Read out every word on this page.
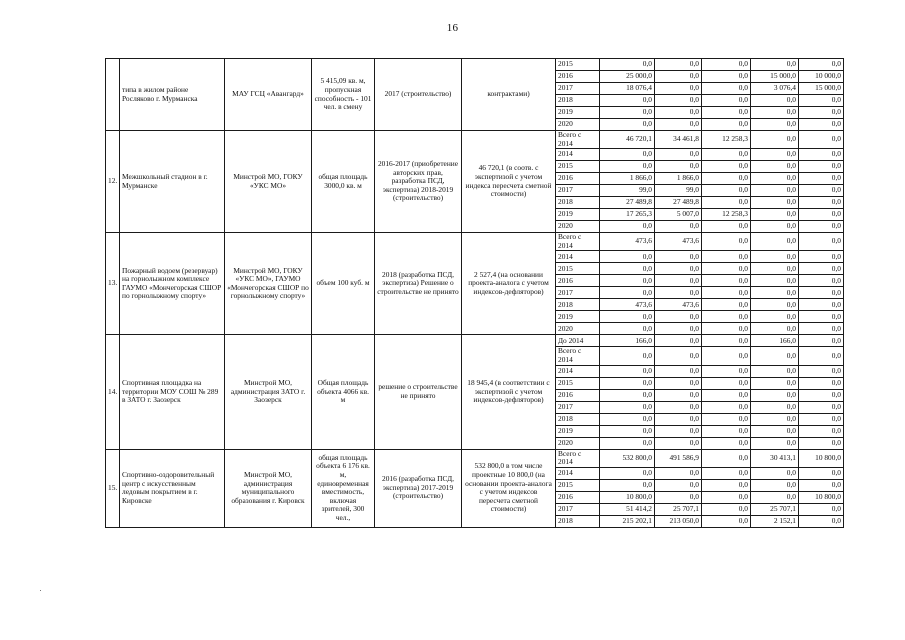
16
	типа в жилом районе Росляково г. Мурманска	МАУ ГСЦ «Авангард»	5 415,09 кв. м, пропускная способность - 101 чел. в смену	2017 (строительство)	контрактами)	2015	0,0	0,0	0,0	0,0	0,0
						2016	25 000,0	0,0	0,0	15 000,0	10 000,0
						2017	18 076,4	0,0	0,0	3 076,4	15 000,0
						2018	0,0	0,0	0,0	0,0	0,0
						2019	0,0	0,0	0,0	0,0	0,0
						2020	0,0	0,0	0,0	0,0	0,0
12.	Межшкольный стадион в г. Мурманске	Минстрой МО, ГОКУ «УКС МО»	общая площадь 3000,0 кв. м	2016-2017 (приобретение авторских прав, разработка ПСД, экспертиза) 2018-2019 (строительство)	46 720,1 (в соотв. с экспертизой с учетом индекса пересчета сметной стоимости)	Всего с 2014	46 720,1	34 461,8	12 258,3	0,0	0,0
						2014	0,0	0,0	0,0	0,0	0,0
						2015	0,0	0,0	0,0	0,0	0,0
						2016	1 866,0	1 866,0	0,0	0,0	0,0
						2017	99,0	99,0	0,0	0,0	0,0
						2018	27 489,8	27 489,8	0,0	0,0	0,0
						2019	17 265,3	5 007,0	12 258,3	0,0	0,0
						2020	0,0	0,0	0,0	0,0	0,0
13.	Пожарный водоем (резервуар) на горнолыжном комплексе ГАУМО «Мончегорская СШОР по горнолыжному спорту»	Минстрой МО, ГОКУ «УКС МО», ГАУМО «Мончегорская СШОР по горнолыжному спорту»	объем 100 куб. м	2018 (разработка ПСД, экспертиза) Решение о строительстве не принято	2 527,4 (на основании проекта-аналога с учетом индексов-дефляторов)	Всего с 2014	473,6	473,6	0,0	0,0	0,0
						2014	0,0	0,0	0,0	0,0	0,0
						2015	0,0	0,0	0,0	0,0	0,0
						2016	0,0	0,0	0,0	0,0	0,0
						2017	0,0	0,0	0,0	0,0	0,0
						2018	473,6	473,6	0,0	0,0	0,0
						2019	0,0	0,0	0,0	0,0	0,0
						2020	0,0	0,0	0,0	0,0	0,0
14.	Спортивная площадка на территории МОУ СОШ № 289 в ЗАТО г. Заозерск	Минстрой МО, администрация ЗАТО г. Заозерск	Общая площадь объекта 4066 кв. м	решение о строительстве не принято	18 945,4 (в соответствии с экспертизой с учетом индексов-дефляторов)	До 2014	166,0	0,0	0,0	166,0	0,0
						Всего с 2014	0,0	0,0	0,0	0,0	0,0
						2014	0,0	0,0	0,0	0,0	0,0
						2015	0,0	0,0	0,0	0,0	0,0
						2016	0,0	0,0	0,0	0,0	0,0
						2017	0,0	0,0	0,0	0,0	0,0
						2018	0,0	0,0	0,0	0,0	0,0
						2019	0,0	0,0	0,0	0,0	0,0
						2020	0,0	0,0	0,0	0,0	0,0
15.	Спортивно-оздоровительный центр с искусственным ледовым покрытием в г. Кировске	Минстрой МО, администрация муниципального образования г. Кировск	общая площадь объекта 6 176 кв. м, единовременная вместимость, включая зрителей, 300 чел.,	2016 (разработка ПСД, экспертиза) 2017-2019 (строительство)	532 800,0 в том числе проектные 10 800,0 (на основании проекта-аналога с учетом индексов пересчета сметной стоимости)	Всего с 2014	532 800,0	491 586,9	0,0	30 413,1	10 800,0
						2014	0,0	0,0	0,0	0,0	0,0
						2015	0,0	0,0	0,0	0,0	0,0
						2016	10 800,0	0,0	0,0	0,0	10 800,0
						2017	51 414,2	25 707,1	0,0	25 707,1	0,0
						2018	215 202,1	213 050,0	0,0	2 152,1	0,0
